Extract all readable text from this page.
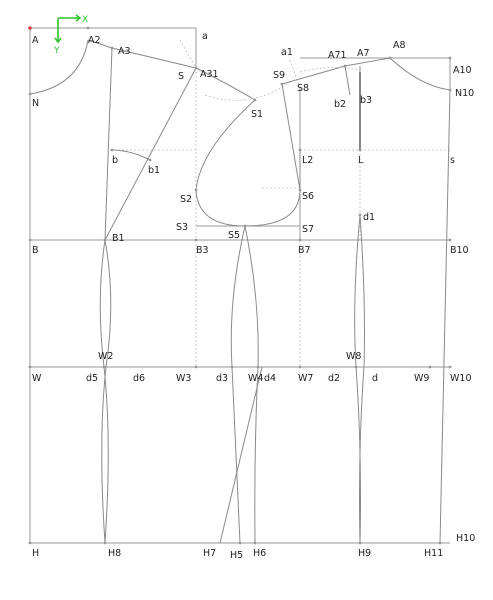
X
Y
A	A2
A3
a
S A31
N
a1	A71 A7
A8
A10
N10
S9
S8
S1
b2 b3
b
b1
L2	L	s
S2	S6
d1
S3
S5
S7
B
B1
B3	B7	B10
W2	W8
W	d5	d6	W3	d3 W4 d4 W7 d2	d	W9 W10
H10
H	H8	H7 H5 H6	H9	H11
